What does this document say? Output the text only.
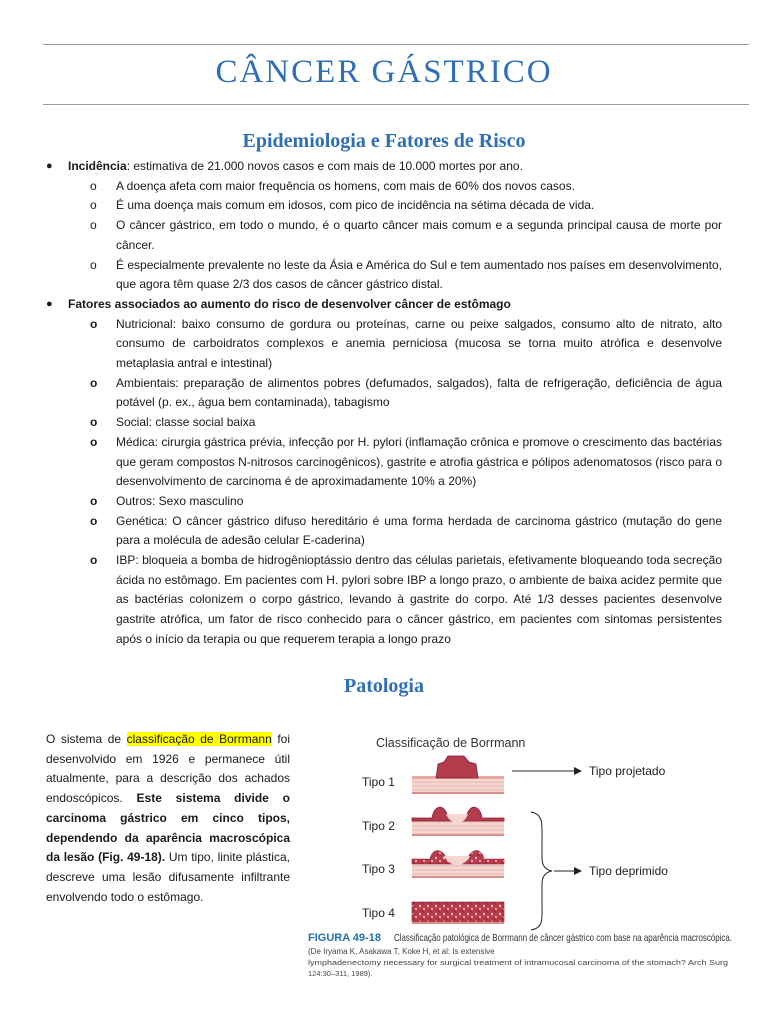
CÂNCER GÁSTRICO
Epidemiologia e Fatores de Risco
● Incidência: estimativa de 21.000 novos casos e com mais de 10.000 mortes por ano.
o A doença afeta com maior frequência os homens, com mais de 60% dos novos casos.
o É uma doença mais comum em idosos, com pico de incidência na sétima década de vida.
o O câncer gástrico, em todo o mundo, é o quarto câncer mais comum e a segunda principal causa de morte por câncer.
o É especialmente prevalente no leste da Ásia e América do Sul e tem aumentado nos países em desenvolvimento, que agora têm quase 2/3 dos casos de câncer gástrico distal.
● Fatores associados ao aumento do risco de desenvolver câncer de estômago
o Nutricional: baixo consumo de gordura ou proteínas, carne ou peixe salgados, consumo alto de nitrato, alto consumo de carboidratos complexos e anemia perniciosa (mucosa se torna muito atrófica e desenvolve metaplasia antral e intestinal)
o Ambientais: preparação de alimentos pobres (defumados, salgados), falta de refrigeração, deficiência de água potável (p. ex., água bem contaminada), tabagismo
o Social: classe social baixa
o Médica: cirurgia gástrica prévia, infecção por H. pylori (inflamação crônica e promove o crescimento das bactérias que geram compostos N-nitrosos carcinogênicos), gastrite e atrofia gástrica e pólipos adenomatosos (risco para o desenvolvimento de carcinoma é de aproximadamente 10% a 20%)
o Outros: Sexo masculino
o Genética: O câncer gástrico difuso hereditário é uma forma herdada de carcinoma gástrico (mutação do gene para a molécula de adesão celular E-caderina)
o IBP: bloqueia a bomba de hidrogênioptássio dentro das células parietais, efetivamente bloqueando toda secreção ácida no estômago. Em pacientes com H. pylori sobre IBP a longo prazo, o ambiente de baixa acidez permite que as bactérias colonizem o corpo gástrico, levando à gastrite do corpo. Até 1/3 desses pacientes desenvolve gastrite atrófica, um fator de risco conhecido para o câncer gástrico, em pacientes com sintomas persistentes após o início da terapia ou que requerem terapia a longo prazo
Patologia
O sistema de classificação de Borrmann foi desenvolvido em 1926 e permanece útil atualmente, para a descrição dos achados endoscópicos. Este sistema divide o carcinoma gástrico em cinco tipos, dependendo da aparência macroscópica da lesão (Fig. 49-18). Um tipo, linite plástica, descreve uma lesão difusamente infiltrante envolvendo todo o estômago.
Classificação de Borrmann
Tipo 1
Tipo 2
Tipo 3
Tipo 4
Tipo projetado
Tipo deprimido
FIGURA 49-18 Classificação patológica de Borrmann de câncer gástrico com base na aparência macroscópica.
(De Iryama K, Asakawa T, Koke H, et al: Is extensive
lymphadenectomy necessary for surgical treatment of intramucosal carcinoma of the stomach? Arch Surg
124:30–311, 1989).
